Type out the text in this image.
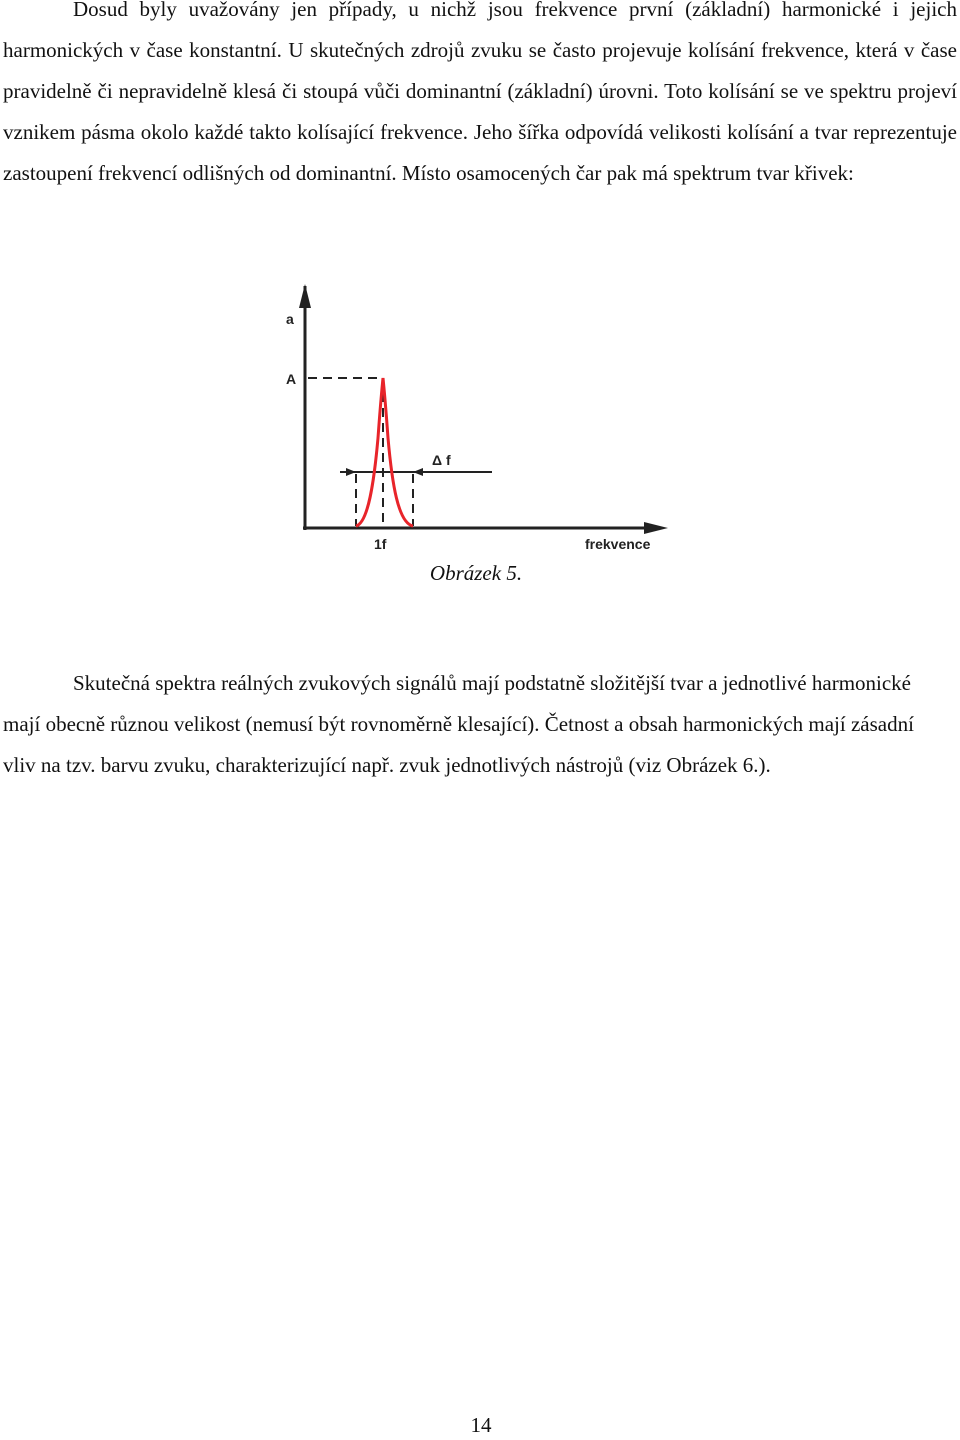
Dosud byly uvažovány jen případy, u nichž jsou frekvence první (základní) harmonické i jejich harmonických v čase konstantní. U skutečných zdrojů zvuku se často projevuje kolísání frekvence, která v čase pravidelně či nepravidelně klesá či stoupá vůči dominantní (základní) úrovni. Toto kolísání se ve spektru projeví vznikem pásma okolo každé takto kolísající frekvence. Jeho šířka odpovídá velikosti kolísání a tvar reprezentuje zastoupení frekvencí odlišných od dominantní. Místo osamocených čar pak má spektrum tvar křivek:

a
A
Δ f
1f	frekvence
Obrázek 5.

Skutečná spektra reálných zvukových signálů mají podstatně složitější tvar a jednotlivé harmonické mají obecně různou velikost (nemusí být rovnoměrně klesající). Četnost a obsah harmonických mají zásadní vliv na tzv. barvu zvuku, charakterizující např. zvuk jednotlivých nástrojů (viz Obrázek 6.).

14
